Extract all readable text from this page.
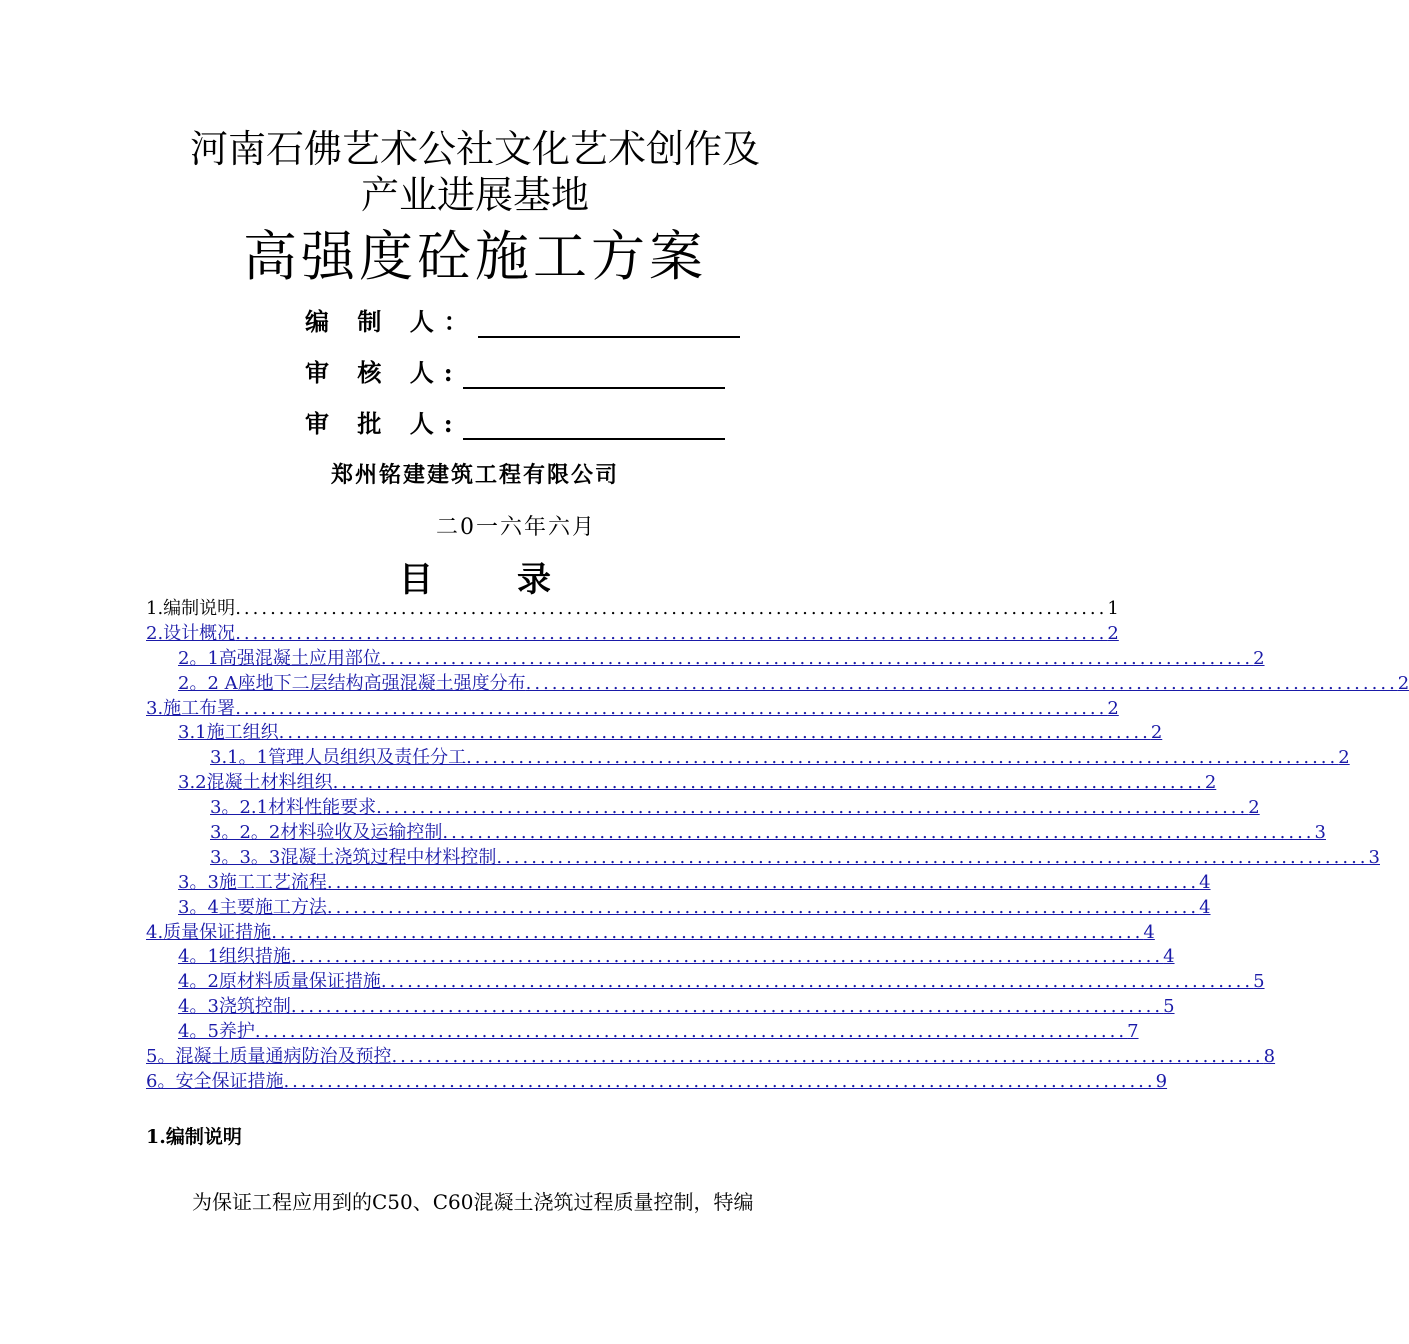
河南石佛艺术公社文化艺术创作及
产业进展基地
高强度砼施工方案
编 制 人：
审 核 人:
审 批 人:
郑州铭建建筑工程有限公司
二0一六年六月
目 录
1.编制说明 .................................................................................................... 1
2.设计概况 .................................................................................................... 2
2。1高强混凝土应用部位 .................................................................................................... 2
2。2 A座地下二层结构高强混凝土强度分布 .................................................................................................... 2
3.施工布署 .................................................................................................... 2
3.1施工组织 .................................................................................................... 2
3.1。1管理人员组织及责任分工 .................................................................................................... 2
3.2混凝土材料组织 .................................................................................................... 2
3。2.1材料性能要求 .................................................................................................... 2
3。2。2材料验收及运输控制 .................................................................................................... 3
3。3。3混凝土浇筑过程中材料控制 .................................................................................................... 3
3。3施工工艺流程 .................................................................................................... 4
3。4主要施工方法 .................................................................................................... 4
4.质量保证措施 .................................................................................................... 4
4。1组织措施 .................................................................................................... 4
4。2原材料质量保证措施 .................................................................................................... 5
4。3浇筑控制 .................................................................................................... 5
4。5养护 .................................................................................................... 7
5。混凝土质量通病防治及预控 .................................................................................................... 8
6。安全保证措施 .................................................................................................... 9
1.编制说明
为保证工程应用到的C50、C60混凝土浇筑过程质量控制，特编
